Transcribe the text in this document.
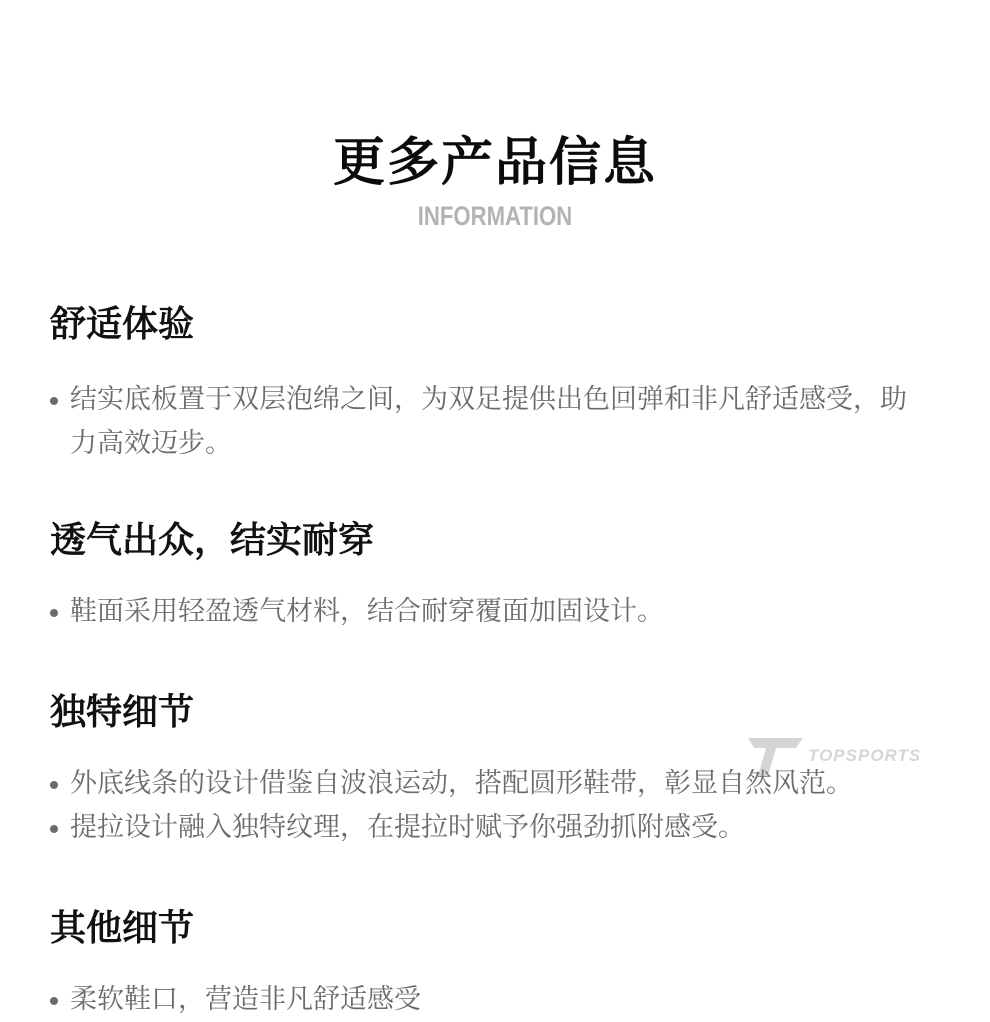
更多产品信息
INFORMATION
舒适体验
结实底板置于双层泡绵之间，为双足提供出色回弹和非凡舒适感受，助力高效迈步。
透气出众，结实耐穿
鞋面采用轻盈透气材料，结合耐穿覆面加固设计。
独特细节
外底线条的设计借鉴自波浪运动，搭配圆形鞋带，彰显自然风范。
提拉设计融入独特纹理，在提拉时赋予你强劲抓附感受。
其他细节
柔软鞋口，营造非凡舒适感受
TOPSPORTS
